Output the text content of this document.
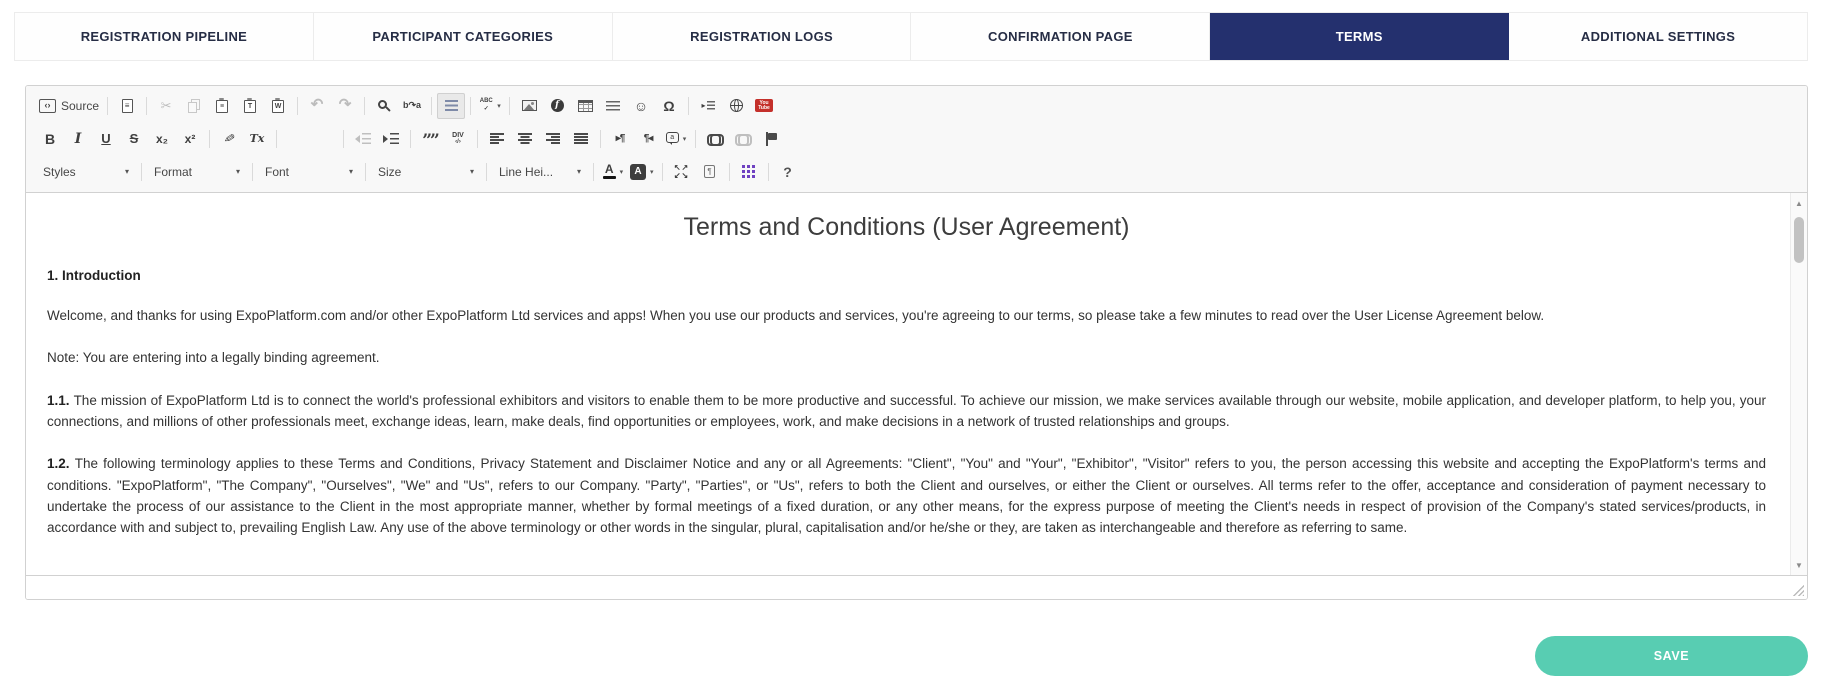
REGISTRATION PIPELINE	PARTICIPANT CATEGORIES	REGISTRATION LOGS	CONFIRMATION PAGE	TERMS	ADDITIONAL SETTINGS
‹› Source	≡ ✂	≡	T	W ↶ ↷	b↷a	ABC✓	▾	f	☺ Ω	▸	You
Tube
B I U S x₂ x² ✎ Tx	”” DIV
‹/›	▸¶ ¶◂	a	▾
Styles	▾ Format	▾ Font	▾ Size	▾ Line Hei...	▾ A ▾	A	▾
↖↗
↙↘	¶	?
Terms and Conditions (User Agreement)

1. Introduction

Welcome, and thanks for using ExpoPlatform.com and/or other ExpoPlatform Ltd services and apps! When you use our products and services, you're agreeing to our terms, so please take a few minutes to read over the User License Agreement below.

Note: You are entering into a legally binding agreement.

1.1. The mission of ExpoPlatform Ltd is to connect the world's professional exhibitors and visitors to enable them to be more productive and successful. To achieve our mission, we make services available through our website, mobile application, and developer platform, to help you, your connections, and millions of other professionals meet, exchange ideas, learn, make deals, find opportunities or employees, work, and make decisions in a network of trusted relationships and groups.

1.2. The following terminology applies to these Terms and Conditions, Privacy Statement and Disclaimer Notice and any or all Agreements: "Client", "You" and "Your", "Exhibitor", "Visitor" refers to you, the person accessing this website and accepting the ExpoPlatform's terms and conditions. "ExpoPlatform", "The Company", "Ourselves", "We" and "Us", refers to our Company. "Party", "Parties", or "Us", refers to both the Client and ourselves, or either the Client or ourselves. All terms refer to the offer, acceptance and consideration of payment necessary to undertake the process of our assistance to the Client in the most appropriate manner, whether by formal meetings of a fixed duration, or any other means, for the express purpose of meeting the Client's needs in respect of provision of the Company's stated services/products, in accordance with and subject to, prevailing English Law. Any use of the above terminology or other words in the singular, plural, capitalisation and/or he/she or they, are taken as interchangeable and therefore as referring to same.

▲
▼
SAVE
